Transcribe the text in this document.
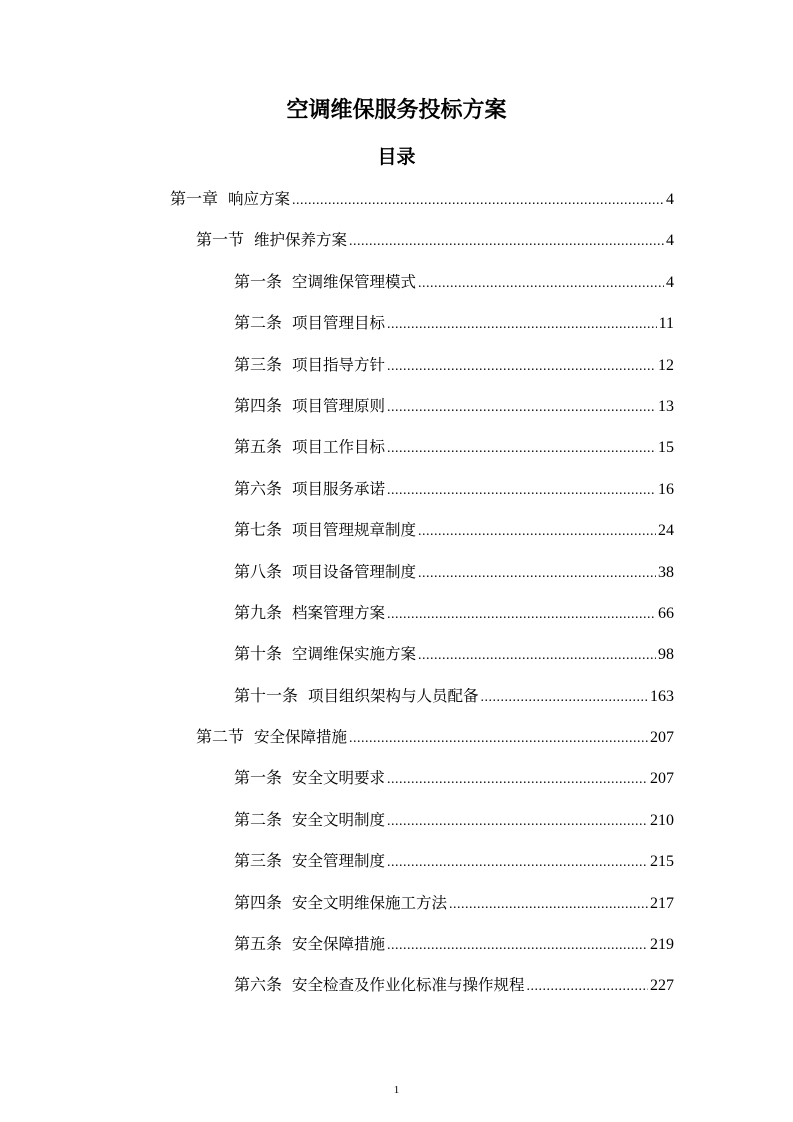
空调维保服务投标方案
目录
第一章 响应方案 .....	4
第一节 维护保养方案 .....	4
第一条 空调维保管理模式 .....	4
第二条 项目管理目标 .....	11
第三条 项目指导方针 .....	12
第四条 项目管理原则 .....	13
第五条 项目工作目标 .....	15
第六条 项目服务承诺 .....	16
第七条 项目管理规章制度 .....	24
第八条 项目设备管理制度 .....	38
第九条 档案管理方案 .....	66
第十条 空调维保实施方案 .....	98
第十一条 项目组织架构与人员配备 .....	163
第二节 安全保障措施 .....	207
第一条 安全文明要求 .....	207
第二条 安全文明制度 .....	210
第三条 安全管理制度 .....	215
第四条 安全文明维保施工方法 .....	217
第五条 安全保障措施 .....	219
第六条 安全检查及作业化标准与操作规程 .....	227
1
